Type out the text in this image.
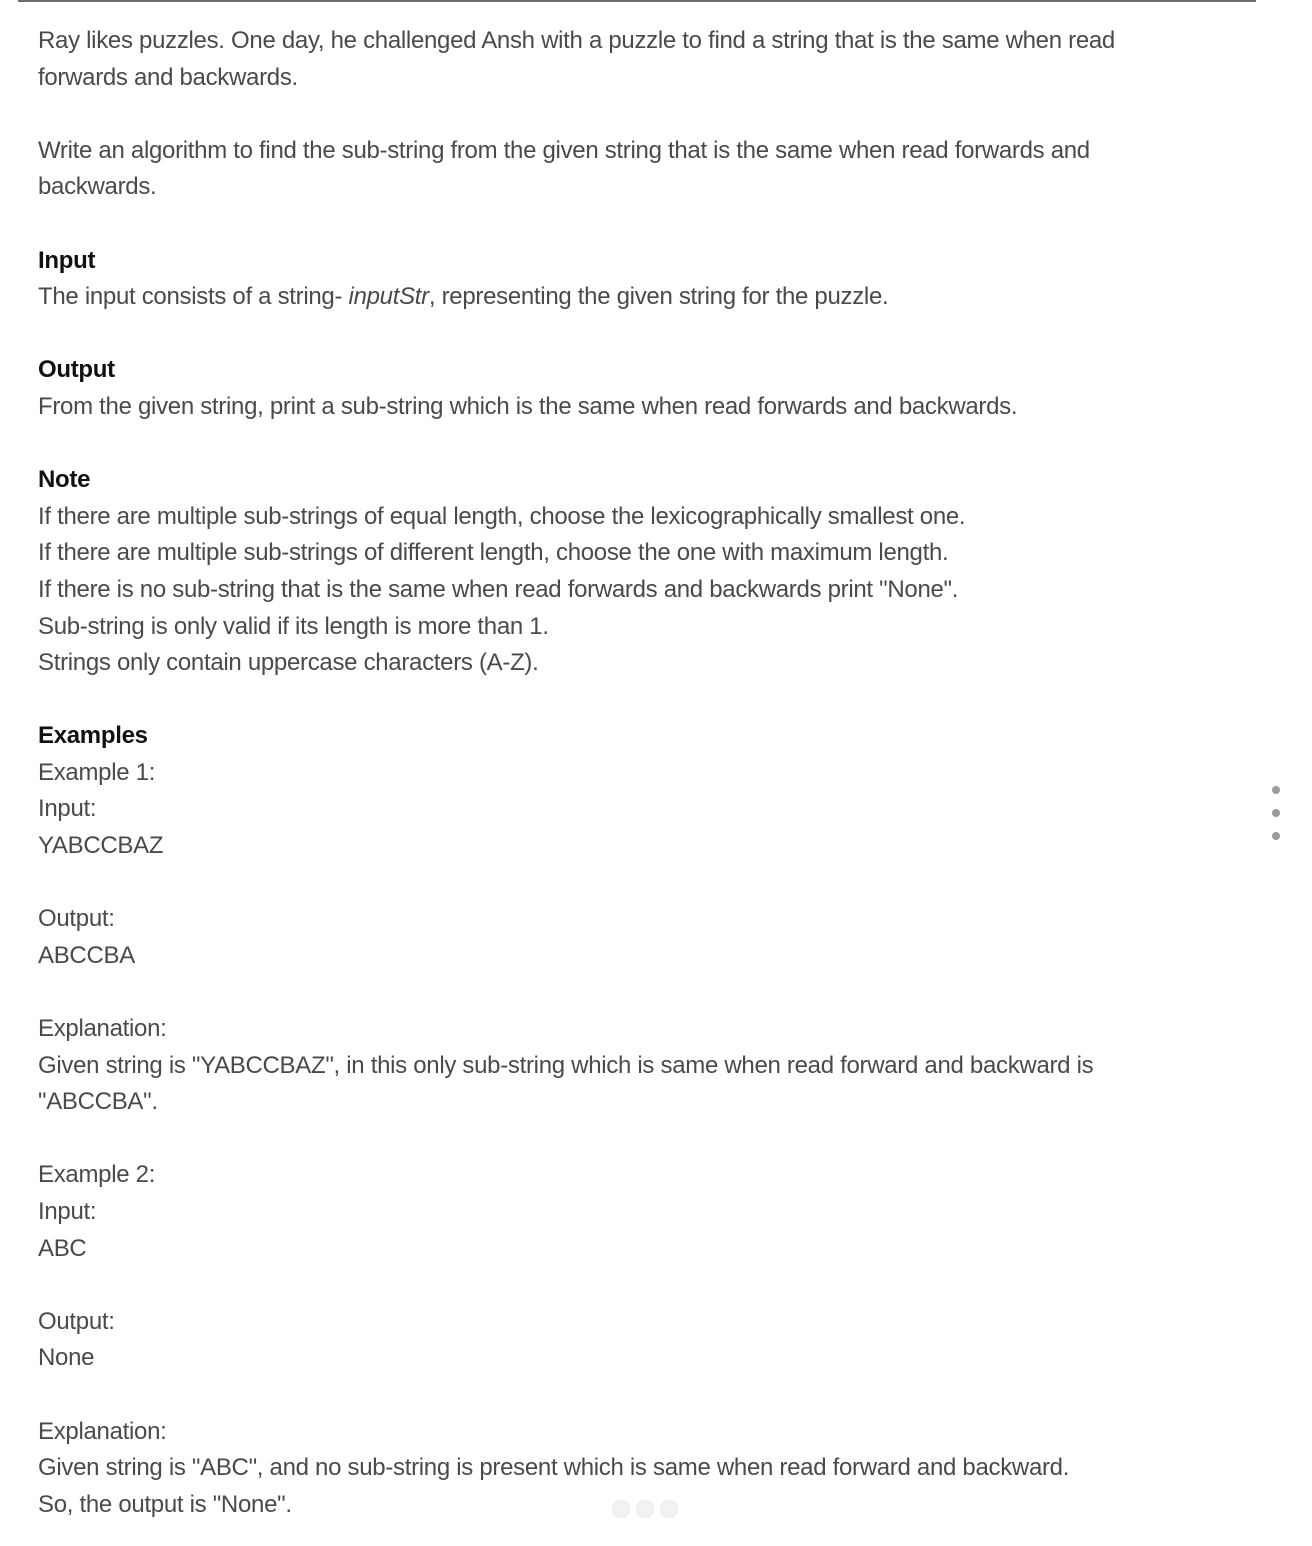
Ray likes puzzles. One day, he challenged Ansh with a puzzle to find a string that is the same when read
forwards and backwards.
Write an algorithm to find the sub-string from the given string that is the same when read forwards and
backwards.
Input
The input consists of a string- inputStr, representing the given string for the puzzle.
Output
From the given string, print a sub-string which is the same when read forwards and backwards.
Note
If there are multiple sub-strings of equal length, choose the lexicographically smallest one.
If there are multiple sub-strings of different length, choose the one with maximum length.
If there is no sub-string that is the same when read forwards and backwards print "None".
Sub-string is only valid if its length is more than 1.
Strings only contain uppercase characters (A-Z).
Examples
Example 1:
Input:
YABCCBAZ
Output:
ABCCBA
Explanation:
Given string is "YABCCBAZ", in this only sub-string which is same when read forward and backward is
"ABCCBA".
Example 2:
Input:
ABC
Output:
None
Explanation:
Given string is "ABC", and no sub-string is present which is same when read forward and backward.
So, the output is "None".
